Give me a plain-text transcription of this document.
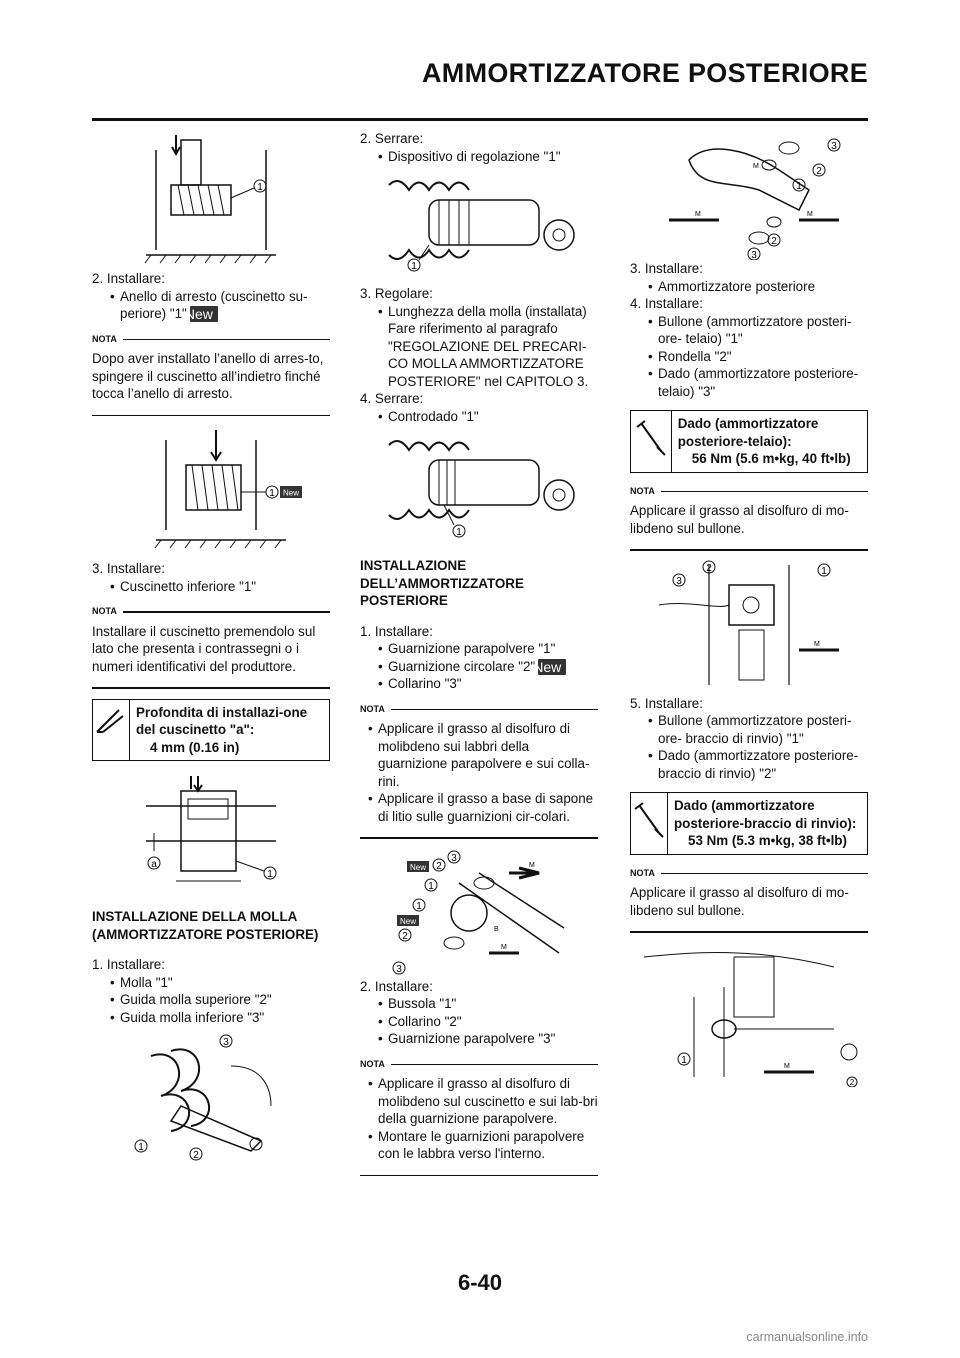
AMMORTIZZATORE POSTERIORE
1

2. Installare:

• Anello di arresto (cuscinetto su-periore) "1"New

NOTA
Dopo aver installato l’anello di arres-to, spingere il cuscinetto all’indietro finché tocca l’anello di arresto.
1 New

3. Installare:

• Cuscinetto inferiore "1"

NOTA
Installare il cuscinetto premendolo sul lato che presenta i contrassegni o i numeri identificativi del produttore.
Profondita di installazi-one del cuscinetto "a":
4 mm (0.16 in)
a
1

INSTALLAZIONE DELLA MOLLA (AMMORTIZZATORE POSTERIORE)

1. Installare:

• Molla "1"

• Guida molla superiore "2"

• Guida molla inferiore "3"

1
2
3

2. Serrare:

• Dispositivo di regolazione "1"

1

3. Regolare:

• Lunghezza della molla (installata) Fare riferimento al paragrafo "REGOLAZIONE DEL PRECARI-CO MOLLA AMMORTIZZATORE POSTERIORE" nel CAPITOLO 3.

4. Serrare:

• Controdado "1"

1

INSTALLAZIONE DELL’AMMORTIZZATORE POSTERIORE

1. Installare:

• Guarnizione parapolvere "1"

• Guarnizione circolare "2"New

• Collarino "3"

NOTA

• Applicare il grasso al disolfuro di molibdeno sui labbri della guarnizione parapolvere e sui colla-rini.

• Applicare il grasso a base di sapone di litio sulle guarnizioni cir-colari.

New
New
2
3
1
1
2
3
M
M
B

2. Installare:

• Bussola "1"

• Collarino "2"

• Guarnizione parapolvere "3"

NOTA

• Applicare il grasso al disolfuro di molibdeno sul cuscinetto e sui lab-bri della guarnizione parapolvere.

• Montare le guarnizioni parapolvere con le labbra verso l'interno.

3
2
1
2
3
M
M	M

3. Installare:

• Ammortizzatore posteriore

4. Installare:

• Bullone (ammortizzatore posteri-ore- telaio) "1"

• Rondella "2"

• Dado (ammortizzatore posteriore-telaio) "3"

Dado (ammortizzatore posteriore-telaio):
56 Nm (5.6 m•kg, 40 ft•lb)
NOTA
Applicare il grasso al disolfuro di mo-libdeno sul bullone.
3
2	1
M

5. Installare:

• Bullone (ammortizzatore posteri-ore- braccio di rinvio) "1"

• Dado (ammortizzatore posteriore-braccio di rinvio) "2"

Dado (ammortizzatore posteriore-braccio di rinvio):
53 Nm (5.3 m•kg, 38 ft•lb)
NOTA
Applicare il grasso al disolfuro di mo-libdeno sul bullone.
1
2
M
6-40
carmanualsonline.info
